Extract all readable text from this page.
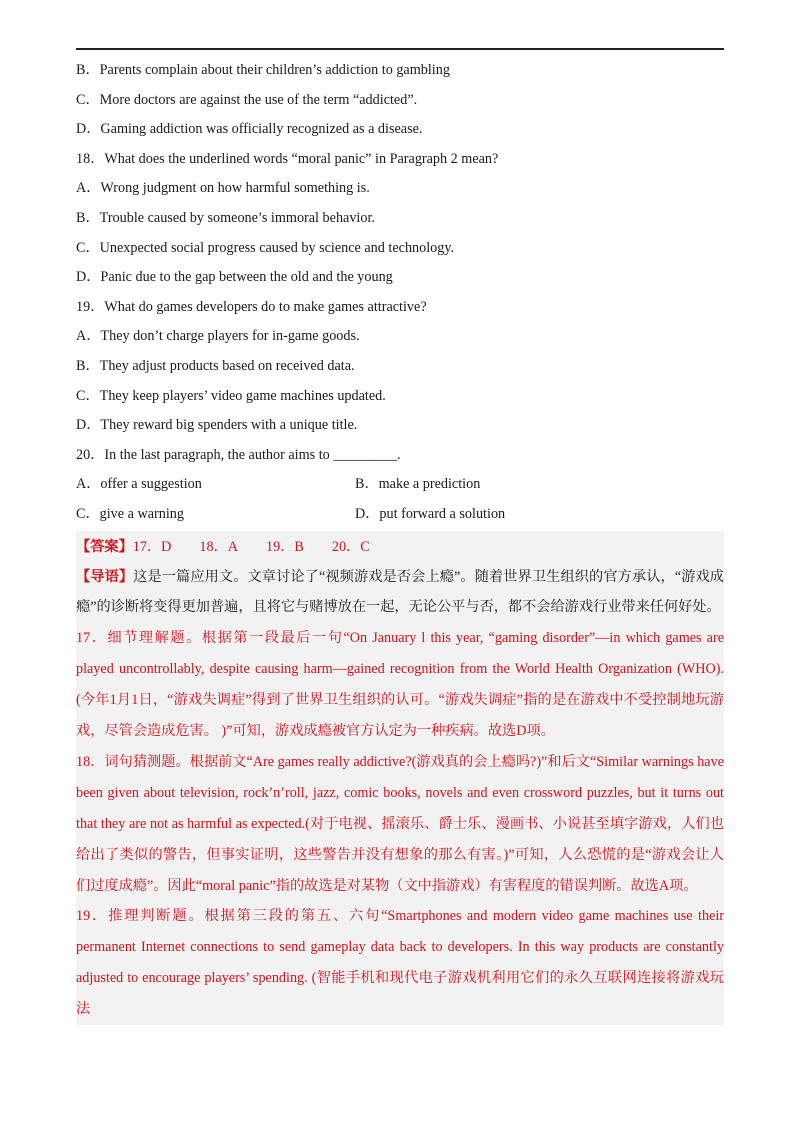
B．Parents complain about their children’s addiction to gambling
C．More doctors are against the use of the term “addicted”.
D．Gaming addiction was officially recognized as a disease.
18．What does the underlined words “moral panic” in Paragraph 2 mean?
A．Wrong judgment on how harmful something is.
B．Trouble caused by someone’s immoral behavior.
C．Unexpected social progress caused by science and technology.
D．Panic due to the gap between the old and the young
19．What do games developers do to make games attractive?
A．They don’t charge players for in-game goods.
B．They adjust products based on received data.
C．They keep players’ video game machines updated.
D．They reward big spenders with a unique title.
20．In the last paragraph, the author aims to _________.
A．offer a suggestion	B．make a prediction
C．give a warning	D．put forward a solution
【答案】17．D 18．A 19．B 20．C
【导语】这是一篇应用文。文章讨论了“视频游戏是否会上瘾”。随着世界卫生组织的官方承认，“游戏成瘾”的诊断将变得更加普遍，且将它与赌博放在一起，无论公平与否，都不会给游戏行业带来任何好处。
17．细节理解题。根据第一段最后一句“On January l this year, “gaming disorder”—in which games are played uncontrollably, despite causing harm—gained recognition from the World Health Organization (WHO).(今年1月1日，“游戏失调症”得到了世界卫生组织的认可。“游戏失调症”指的是在游戏中不受控制地玩游戏，尽管会造成危害。 )”可知，游戏成瘾被官方认定为一种疾病。故选D项。
18．词句猜测题。根据前文“Are games really addictive?(游戏真的会上瘾吗?)”和后文“Similar warnings have been given about television, rock’n’roll, jazz, comic books, novels and even crossword puzzles, but it turns out that they are not as harmful as expected.(对于电视、摇滚乐、爵士乐、漫画书、小说甚至填字游戏，人们也给出了类似的警告，但事实证明，这些警告并没有想象的那么有害。)”可知，人么恐慌的是“游戏会让人们过度成瘾”。因此“moral panic”指的故选是对某物（文中指游戏）有害程度的错误判断。故选A项。
19．推理判断题。根据第三段的第五、六句“Smartphones and modern video game machines use their permanent Internet connections to send gameplay data back to developers. In this way products are constantly adjusted to encourage players’ spending. (智能手机和现代电子游戏机利用它们的永久互联网连接将游戏玩法
